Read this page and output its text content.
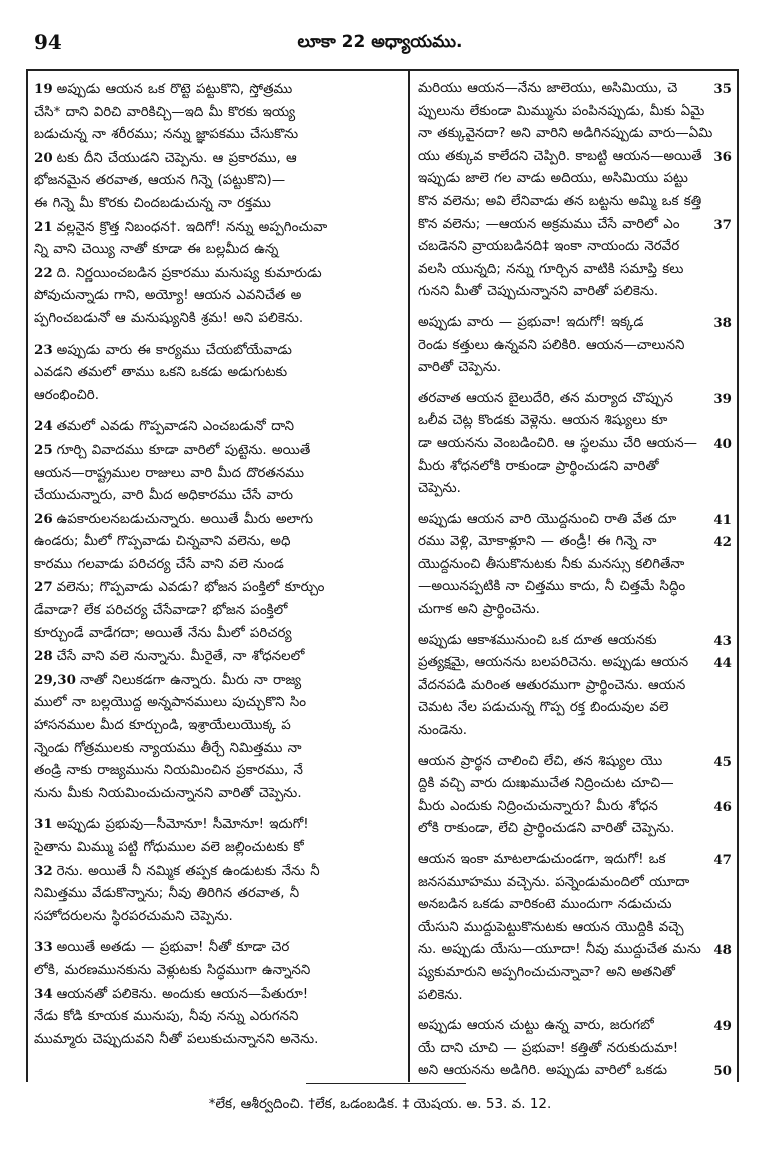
94	లూకా 22 అధ్యాయము.
19 అప్పుడు ఆయన ఒక రొట్టె పట్టుకొని, స్తోత్రము
చేసి* దాని విరిచి వారికిచ్చి—ఇది మీ కొరకు ఇయ్య
బడుచున్న నా శరీరము; నన్ను జ్ఞాపకము చేసుకొను
20 టకు దీని చేయుడని చెప్పెను. ఆ ప్రకారము, ఆ
భోజనమైన తరవాత, ఆయన గిన్నె (పట్టుకొని)—
ఈ గిన్నె మీ కొరకు చిందబడుచున్న నా రక్తము
21 వల్లనైన క్రొత్త నిబంధన†. ఇదిగో! నన్ను అప్పగించువా
న్ని వాని చెయ్యి నాతో కూడా ఈ బల్లమీద ఉన్న
22 ది. నిర్ణయించబడిన ప్రకారము మనుష్య కుమారుడు
పోవుచున్నాడు గాని, అయ్యో! ఆయన ఎవనిచేత అ
ప్పగించబడునో ఆ మనుష్యునికి శ్రమ! అని పలికెను.
23 అప్పుడు వారు ఈ కార్యము చేయబోయేవాడు
ఎవడని తమలో తాము ఒకని ఒకడు అడుగుటకు
ఆరంభించిరి.
24 తమలో ఎవడు గొప్పవాడని ఎంచబడునో దాని
25 గూర్చి వివాదము కూడా వారిలో పుట్టెను. అయితే
ఆయన—రాష్ట్రముల రాజులు వారి మీద దొరతనము
చేయుచున్నారు, వారి మీద అధికారము చేసే వారు
26 ఉపకారులనబడుచున్నారు. అయితే మీరు అలాగు
ఉండరు; మీలో గొప్పవాడు చిన్నవాని వలెను, అధి
కారము గలవాడు పరిచర్య చేసే వాని వలె నుండ
27 వలెను; గొప్పవాడు ఎవడు? భోజన పంక్తిలో కూర్చుం
డేవాడా? లేక పరిచర్య చేసేవాడా? భోజన పంక్తిలో
కూర్చుండే వాడేగదా; అయితే నేను మీలో పరిచర్య
28 చేసే వాని వలె నున్నాను. మీరైతే, నా శోధనలలో
29,30 నాతో నిలుకడగా ఉన్నారు. మీరు నా రాజ్య
ములో నా బల్లయొద్ద అన్నపానములు పుచ్చుకొని సిం
హాసనముల మీద కూర్చుండి, ఇశ్రాయేలుయొక్క ప
న్నెండు గోత్రములకు న్యాయము తీర్చే నిమిత్తము నా
తండ్రి నాకు రాజ్యమును నియమించిన ప్రకారము, నే
నును మీకు నియమించుచున్నానని వారితో చెప్పెను.
31 అప్పుడు ప్రభువు—సీమోనూ! సీమోనూ! ఇదుగో!
సైతాను మిమ్ము పట్టి గోధుముల వలె జల్లించుటకు కో
32 రెను. అయితే నీ నమ్మిక తప్పక ఉండుటకు నేను నీ
నిమిత్తము వేడుకొన్నాను; నీవు తిరిగిన తరవాత, నీ
సహోదరులను స్థిరపరచుమని చెప్పెను.
33 అయితే అతడు — ప్రభువా! నీతో కూడా చెర
లోకి, మరణమునకును వెళ్లుటకు సిద్ధముగా ఉన్నానని
34 ఆయనతో పలికెను. అందుకు ఆయన—పేతురూ!
నేడు కోడి కూయక మునుపు, నీవు నన్ను ఎరుగనని
ముమ్మారు చెప్పుదువని నీతో పలుకుచున్నానని అనెను.
35
మరియు ఆయన—నేను జాలెయు, అసిమియు, చె
ప్పులును లేకుండా మిమ్మును పంపినప్పుడు, మీకు ఏమై
నా తక్కువైనదా? అని వారిని అడిగినప్పుడు వారు—ఏమి
36
యు తక్కువ కాలేదని చెప్పిరి. కాబట్టి ఆయన—అయితే
ఇప్పుడు జాలె గల వాడు అదియు, అసిమియు పట్టు
కొన వలెను; అవి లేనివాడు తన బట్టను అమ్మి ఒక కత్తి
37
కొన వలెను; —ఆయన అక్రమము చేసే వారిలో ఎం
చబడెనని వ్రాయబడినది‡ ఇంకా నాయందు నెరవేర
వలసి యున్నది; నన్ను గూర్చిన వాటికి సమాప్తి కలు
గునని మీతో చెప్పుచున్నానని వారితో పలికెను.
38
అప్పుడు వారు — ప్రభువా! ఇదుగో! ఇక్కడ
రెండు కత్తులు ఉన్నవని పలికిరి. ఆయన—చాలునని
వారితో చెప్పెను.
39
తరవాత ఆయన బైలుదేరి, తన మర్యాద చొప్పున
ఒలీవ చెట్ల కొండకు వెళ్లెను. ఆయన శిష్యులు కూ
40
డా ఆయనను వెంబడించిరి. ఆ స్థలము చేరి ఆయన—
మీరు శోధనలోకి రాకుండా ప్రార్థించుడని వారితో
చెప్పెను.
41
అప్పుడు ఆయన వారి యొద్దనుంచి రాతి వేత దూ
42
రము వెళ్లి, మోకాళ్లూని — తండ్రీ! ఈ గిన్నె నా
యొద్దనుంచి తీసుకొనుటకు నీకు మనస్సు కలిగితేనా
—అయినప్పటికి నా చిత్తము కాదు, నీ చిత్తమే సిద్ధిం
చుగాక అని ప్రార్థించెను.
43
అప్పుడు ఆకాశమునుంచి ఒక దూత ఆయనకు
44
ప్రత్యక్షమై, ఆయనను బలపరిచెను. అప్పుడు ఆయన
వేదనపడి మరింత ఆతురముగా ప్రార్థించెను. ఆయన
చెమట నేల పడుచున్న గొప్ప రక్త బిందువుల వలె
నుండెను.
45
ఆయన ప్రార్థన చాలించి లేచి, తన శిష్యుల యొ
ద్దికి వచ్చి వారు దుఃఖముచేత నిద్రించుట చూచి—
46
మీరు ఎందుకు నిద్రించుచున్నారు? మీరు శోధన
లోకి రాకుండా, లేచి ప్రార్థించుడని వారితో చెప్పెను.
47
ఆయన ఇంకా మాటలాడుచుండగా, ఇదుగో! ఒక
జనసమూహము వచ్చెను. పన్నెండుమందిలో యూదా
అనబడిన ఒకడు వారికంటె ముందుగా నడుచుచు
యేసుని ముద్దుపెట్టుకొనుటకు ఆయన యొద్దికి వచ్చె
48
ను. అప్పుడు యేసు—యూదా! నీవు ముద్దుచేత మను
ష్యకుమారుని అప్పగించుచున్నావా? అని అతనితో
పలికెను.
49
అప్పుడు ఆయన చుట్టు ఉన్న వారు, జరుగబో
యే దాని చూచి — ప్రభువా! కత్తితో నరుకుదుమా!
50
అని ఆయనను అడిగిరి. అప్పుడు వారిలో ఒకడు
*లేక, ఆశీర్వదించి. †లేక, ఒడంబడిక. ‡ యెషయ. అ. 53. వ. 12.
